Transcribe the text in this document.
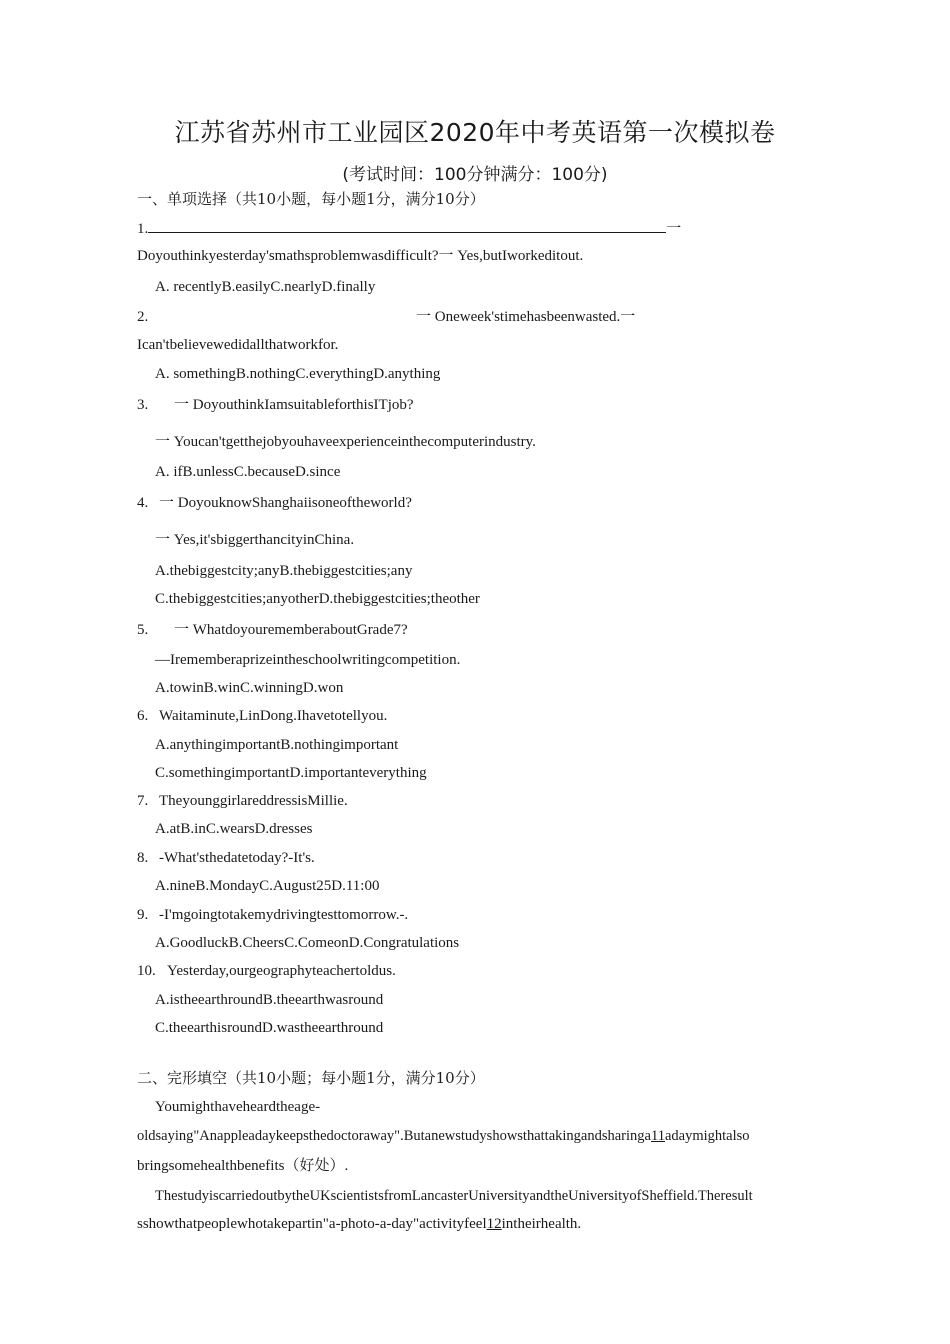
江苏省苏州市工业园区2020年中考英语第一次模拟卷
(考试时间：100分钟满分：100分)
一、单项选择（共10小题，每小题1分，满分10分）
1.	一
Doyouthinkyesterday'smathsproblemwasdifficult?一 Yes,butIworkeditout.
A. recentlyB.easilyC.nearlyD.finally
2.	一 Oneweek'stimehasbeenwasted.一
Ican'tbelievewedidallthatworkfor.
A. somethingB.nothingC.everythingD.anything
3. 一 DoyouthinkIamsuitableforthisITjob?
一 Youcan'tgetthejobyouhaveexperienceinthecomputerindustry.
A. ifB.unlessC.becauseD.since
4. 一 DoyouknowShanghaiisoneoftheworld?
一 Yes,it'sbiggerthancityinChina.
A.thebiggestcity;anyB.thebiggestcities;any
C.thebiggestcities;anyotherD.thebiggestcities;theother
5. 一 WhatdoyourememberaboutGrade7?
—Irememberaprizeintheschoolwritingcompetition.
A.towinB.winC.winningD.won
6. Waitaminute,LinDong.Ihavetotellyou.
A.anythingimportantB.nothingimportant
C.somethingimportantD.importanteverything
7. TheyounggirlareddressisMillie.
A.atB.inC.wearsD.dresses
8. -What'sthedatetoday?-It's.
A.nineB.MondayC.August25D.11:00
9. -I'mgoingtotakemydrivingtesttomorrow.-.
A.GoodluckB.CheersC.ComeonD.Congratulations
10. Yesterday,ourgeographyteachertoldus.
A.istheearthroundB.theearthwasround
C.theearthisroundD.wastheearthround
二、完形填空（共10小题；每小题1分，满分10分）
Youmighthaveheardtheage-
oldsaying"Anappleadaykeepsthedoctoraway".Butanewstudyshowsthattakingandsharinga11adaymightalso
bringsomehealthbenefits（好处）.
ThestudyiscarriedoutbytheUKscientistsfromLancasterUniversityandtheUniversityofSheffield.Theresult
sshowthatpeoplewhotakepartin"a-photo-a-day"activityfeel12intheirhealth.
